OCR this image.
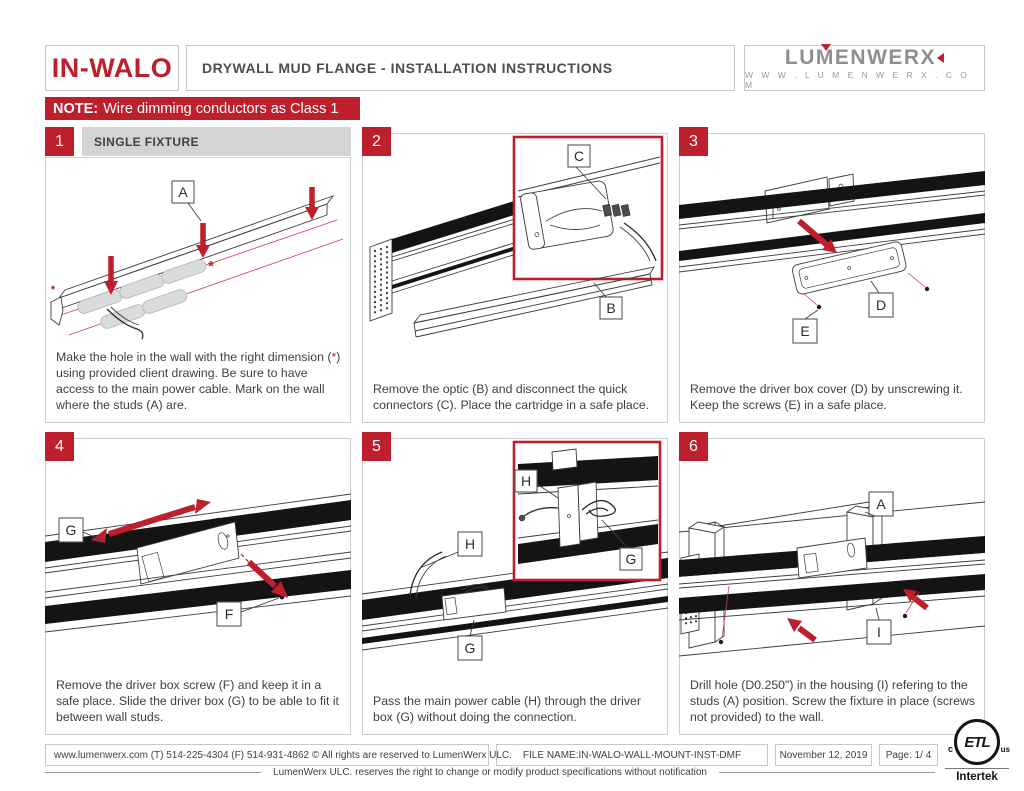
IN-WALO DRYWALL MUD FLANGE - INSTALLATION INSTRUCTIONS	LUMENWERX
W W W . L U M E N W E R X . C O M
NOTE: Wire dimming conductors as Class 1
1	SINGLE FIXTURE
*
*
A
Make the hole in the wall with the right dimension (*) using provided client drawing. Be sure to have access to the main power cable. Mark on the wall where the studs (A) are.
2
C
B
Remove the optic (B) and disconnect the quick connectors (C). Place the cartridge in a safe place.
3
D
E
Remove the driver box cover (D) by unscrewing it. Keep the screws (E) in a safe place.
4
G
F
Remove the driver box screw (F) and keep it in a safe place. Slide the driver box (G) to be able to fit it between wall studs.
5
H
G
H
G
Pass the main power cable (H) through the driver box (G) without doing the connection.
6
A
I
Drill hole (D0.250") in the housing (I) refering to the studs (A) position. Screw the fixture in place (screws not provided) to the wall.
www.lumenwerx.com (T) 514-225-4304 (F) 514-931-4862 © All rights are reserved to LumenWerx ULC.	FILE NAME:IN-WALO-WALL-MOUNT-INST-DMF	November 12, 2019	Page: 1/ 4
LumenWerx ULC. reserves the right to change or modify product specifications without notification
ETL
c	us
Intertek
